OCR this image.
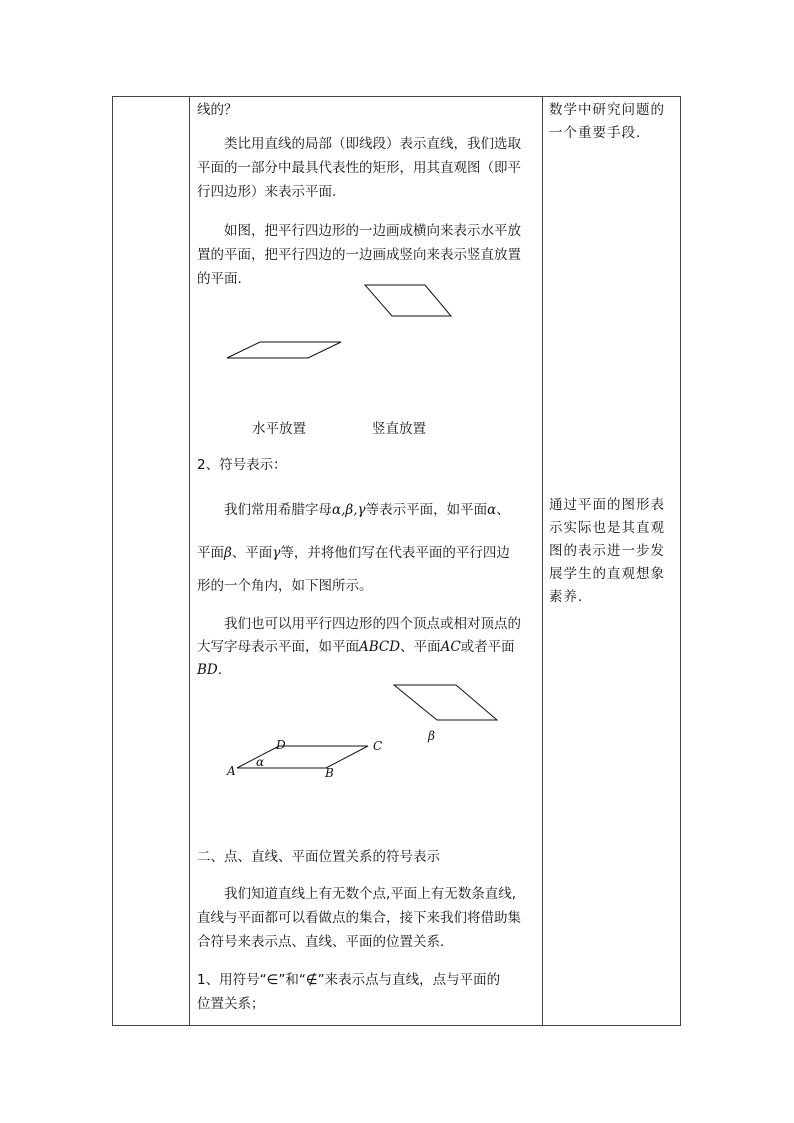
线的？
类比用直线的局部（即线段）表示直线，我们选取
平面的一部分中最具代表性的矩形，用其直观图（即平
行四边形）来表示平面.
如图，把平行四边形的一边画成横向来表示水平放
置的平面，把平行四边的一边画成竖向来表示竖直放置
的平面.
水平放置	竖直放置
2、符号表示：
我们常用希腊字母α,β,γ等表示平面，如平面α、
平面β、平面γ等，并将他们写在代表平面的平行四边
形的一个角内，如下图所示。
我们也可以用平行四边形的四个顶点或相对顶点的
大写字母表示平面，如平面ABCD、平面AC或者平面
BD.
二、点、直线、平面位置关系的符号表示
我们知道直线上有无数个点,平面上有无数条直线,
直线与平面都可以看做点的集合，接下来我们将借助集
合符号来表示点、直线、平面的位置关系.
1、用符号“∈”和“∉”来表示点与直线，点与平面的
位置关系；
数学中研究问题的
一个重要手段.
通过平面的图形表
示实际也是其直观
图的表示进一步发
展学生的直观想象
素养.
β
A	B
C
D
α
